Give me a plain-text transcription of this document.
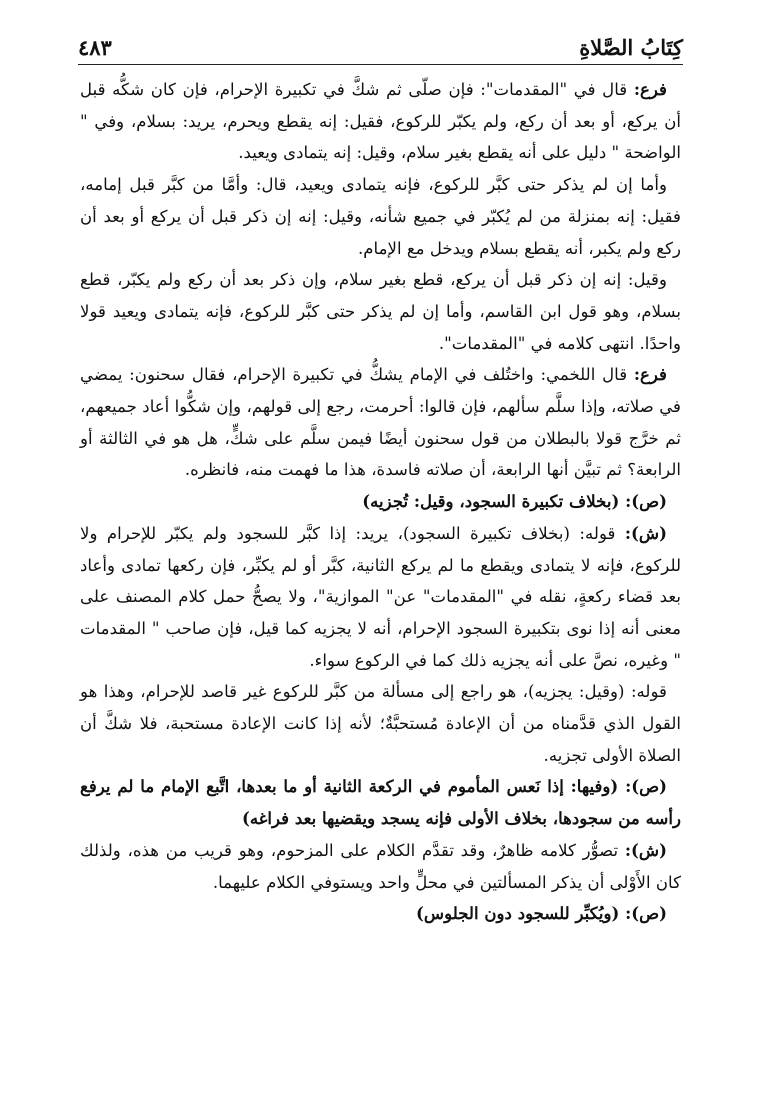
كِتَابُ الصَّلاةِ
٤٨٣

فرع: قال في "المقدمات": فإن صلّى ثم شكَّ في تكبيرة الإحرام، فإن كان شكُّه قبل أن يركع، أو بعد أن ركع، ولم يكبّر للركوع، فقيل: إنه يقطع ويحرم، يريد: بسلام، وفي " الواضحة " دليل على أنه يقطع بغير سلام، وقيل: إنه يتمادى ويعيد.

وأما إن لم يذكر حتى كبَّر للركوع، فإنه يتمادى ويعيد، قال: وأمَّا من كبَّر قبل إمامه، فقيل: إنه بمنزلة من لم يُكبّر في جميع شأنه، وقيل: إنه إن ذكر قبل أن يركع أو بعد أن ركع ولم يكبر، أنه يقطع بسلام ويدخل مع الإمام.

وقيل: إنه إن ذكر قبل أن يركع، قطع بغير سلام، وإن ذكر بعد أن ركع ولم يكبّر، قطع بسلام، وهو قول ابن القاسم، وأما إن لم يذكر حتى كبَّر للركوع، فإنه يتمادى ويعيد قولا واحدًا. انتهى كلامه في "المقدمات".

فرع: قال اللخمي: واختُلف في الإمام يشكُّ في تكبيرة الإحرام، فقال سحنون: يمضي في صلاته، وإذا سلَّم سألهم، فإن قالوا: أحرمت، رجع إلى قولهم، وإن شكُّوا أعاد جميعهم، ثم خرَّج قولا بالبطلان من قول سحنون أيضًا فيمن سلَّم على شكٍّ، هل هو في الثالثة أو الرابعة؟ ثم تبيَّن أنها الرابعة، أن صلاته فاسدة، هذا ما فهمت منه، فانظره.

(ص): (بخلاف تكبيرة السجود، وقيل: تُجزيه)

(ش): قوله: (بخلاف تكبيرة السجود)، يريد: إذا كبَّر للسجود ولم يكبّر للإحرام ولا للركوع، فإنه لا يتمادى ويقطع ما لم يركع الثانية، كبَّر أو لم يكبِّر، فإن ركعها تمادى وأعاد بعد قضاء ركعةٍ، نقله في "المقدمات" عن" الموازية"، ولا يصحُّ حمل كلام المصنف على معنى أنه إذا نوى بتكبيرة السجود الإحرام، أنه لا يجزيه كما قيل، فإن صاحب " المقدمات " وغيره، نصَّ على أنه يجزيه ذلك كما في الركوع سواء.

قوله: (وقيل: يجزيه)، هو راجع إلى مسألة من كبَّر للركوع غير قاصد للإحرام، وهذا هو القول الذي قدَّمناه من أن الإعادة مُستحبَّةٌ؛ لأنه إذا كانت الإعادة مستحبة، فلا شكَّ أن الصلاة الأولى تجزيه.

(ص): (وفيها: إذا نَعس المأموم في الركعة الثانية أو ما بعدها، اتَّبع الإمام ما لم يرفع رأسه من سجودها، بخلاف الأولى فإنه يسجد ويقضيها بعد فراغه)

(ش): تصوُّر كلامه ظاهرٌ، وقد تقدَّم الكلام على المزحوم، وهو قريب من هذه، ولذلك كان الأَوْلى أن يذكر المسألتين في محلٍّ واحد ويستوفي الكلام عليهما.

(ص): (ويُكبِّر للسجود دون الجلوس)
